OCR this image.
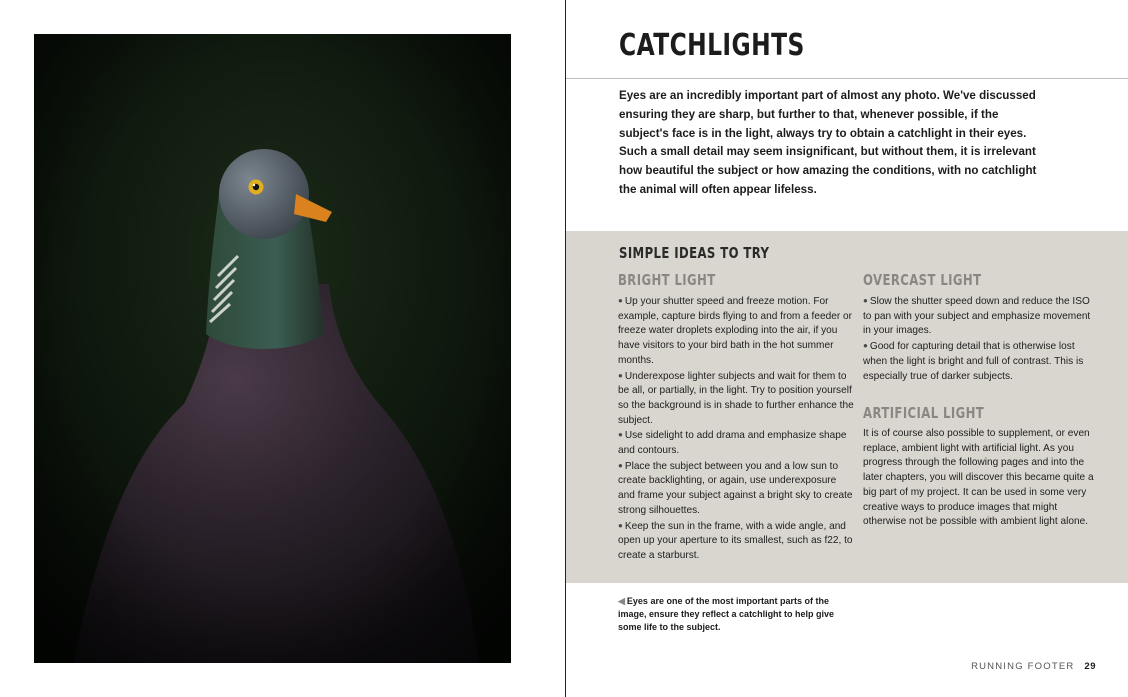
CATCHLIGHTS

Eyes are an incredibly important part of almost any photo. We've discussed ensuring they are sharp, but further to that, whenever possible, if the subject's face is in the light, always try to obtain a catchlight in their eyes. Such a small detail may seem insignificant, but without them, it is irrelevant how beautiful the subject or how amazing the conditions, with no catchlight the animal will often appear lifeless.

SIMPLE IDEAS TO TRY
BRIGHT LIGHT
● Up your shutter speed and freeze motion. For example, capture birds flying to and from a feeder or freeze water droplets exploding into the air, if you have visitors to your bird bath in the hot summer months.
● Underexpose lighter subjects and wait for them to be all, or partially, in the light. Try to position yourself so the background is in shade to further enhance the subject.
● Use sidelight to add drama and emphasize shape and contours.
● Place the subject between you and a low sun to create backlighting, or again, use underexposure and frame your subject against a bright sky to create strong silhouettes.
● Keep the sun in the frame, with a wide angle, and open up your aperture to its smallest, such as f22, to create a starburst.
OVERCAST LIGHT
● Slow the shutter speed down and reduce the ISO to pan with your subject and emphasize movement in your images.
● Good for capturing detail that is otherwise lost when the light is bright and full of contrast. This is especially true of darker subjects.
ARTIFICIAL LIGHT

It is of course also possible to supplement, or even replace, ambient light with artificial light. As you progress through the following pages and into the later chapters, you will discover this became quite a big part of my project. It can be used in some very creative ways to produce images that might otherwise not be possible with ambient light alone.

◀ Eyes are one of the most important parts of the image, ensure they reflect a catchlight to help give some life to the subject.

RUNNING FOOTER 29
